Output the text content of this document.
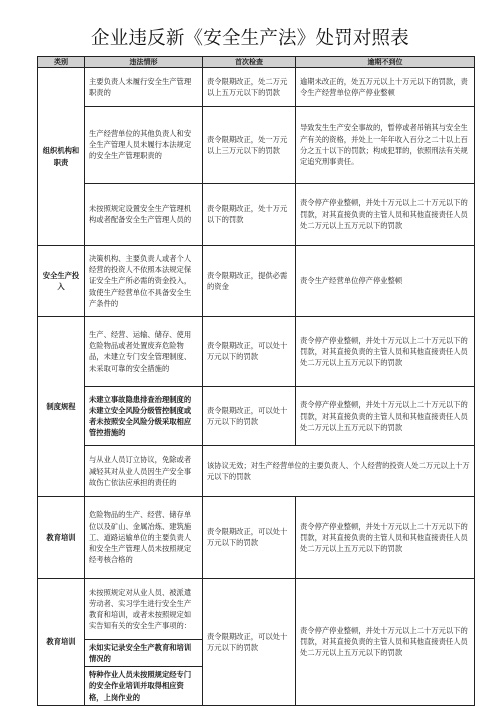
企业违反新《安全生产法》处罚对照表
类别	违法情形	首次检查	逾期不到位
组织机构和职责	主要负责人未履行安全生产管理职责的	责令限期改正，处二万元以上五万元以下的罚款	逾期未改正的，处五万元以上十万元以下的罚款，责令生产经营单位停产停业整顿
	生产经营单位的其他负责人和安全生产管理人员未履行本法规定的安全生产管理职责的	责令限期改正，处一万元以上三万元以下的罚款	导致发生生产安全事故的，暂停或者吊销其与安全生产有关的资格，并处上一年年收入百分之二十以上百分之五十以下的罚款；构成犯罪的，依照刑法有关规定追究刑事责任。
	未按照规定设置安全生产管理机构或者配备安全生产管理人员的	责令限期改正，处十万元以下的罚款	责令停产停业整顿，并处十万元以上二十万元以下的罚款，对其直接负责的主管人员和其他直接责任人员处二万元以上五万元以下的罚款
安全生产投入	决策机构、主要负责人或者个人经营的投资人不依照本法规定保证安全生产所必需的资金投入，致使生产经营单位不具备安全生产条件的	责令限期改正，提供必需的资金	责令生产经营单位停产停业整顿
制度规程	生产、经营、运输、储存、使用危险物品或者处置废弃危险物品，未建立专门安全管理制度、未采取可靠的安全措施的	责令限期改正，可以处十万元以下的罚款	责令停产停业整顿，并处十万元以上二十万元以下的罚款，对其直接负责的主管人员和其他直接责任人员处二万元以上五万元以下的罚款
	未建立事故隐患排查治理制度的未建立安全风险分级管控制度或者未按照安全风险分级采取相应管控措施的	责令限期改正，可以处十万元以下的罚款	责令停产停业整顿，并处十万元以上二十万元以下的罚款，对其直接负责的主管人员和其他直接责任人员处二万元以上五万元以下的罚款
	与从业人员订立协议，免除或者减轻其对从业人员因生产安全事故伤亡依法应承担的责任的	该协议无效；对生产经营单位的主要负责人、个人经营的投资人处二万元以上十万元以下的罚款	
教育培训	危险物品的生产、经营、储存单位以及矿山、金属冶炼、建筑施工、道路运输单位的主要负责人和安全生产管理人员未按照规定经考核合格的	责令限期改正，可以处十万元以下的罚款	责令停产停业整顿，并处十万元以上二十万元以下的罚款，对其直接负责的主管人员和其他直接责任人员处二万元以上五万元以下的罚款
教育培训	未按照规定对从业人员、被派遣劳动者、实习学生进行安全生产教育和培训，或者未按照规定如实告知有关的安全生产事项的：	责令限期改正，可以处十万元以下的罚款	责令停产停业整顿，并处十万元以上二十万元以下的罚款，对其直接负责的主管人员和其他直接责任人员处二万元以上五万元以下的罚款
	未如实记录安全生产教育和培训情况的		
	特种作业人员未按照规定经专门的安全作业培训并取得相应资格，上岗作业的		
